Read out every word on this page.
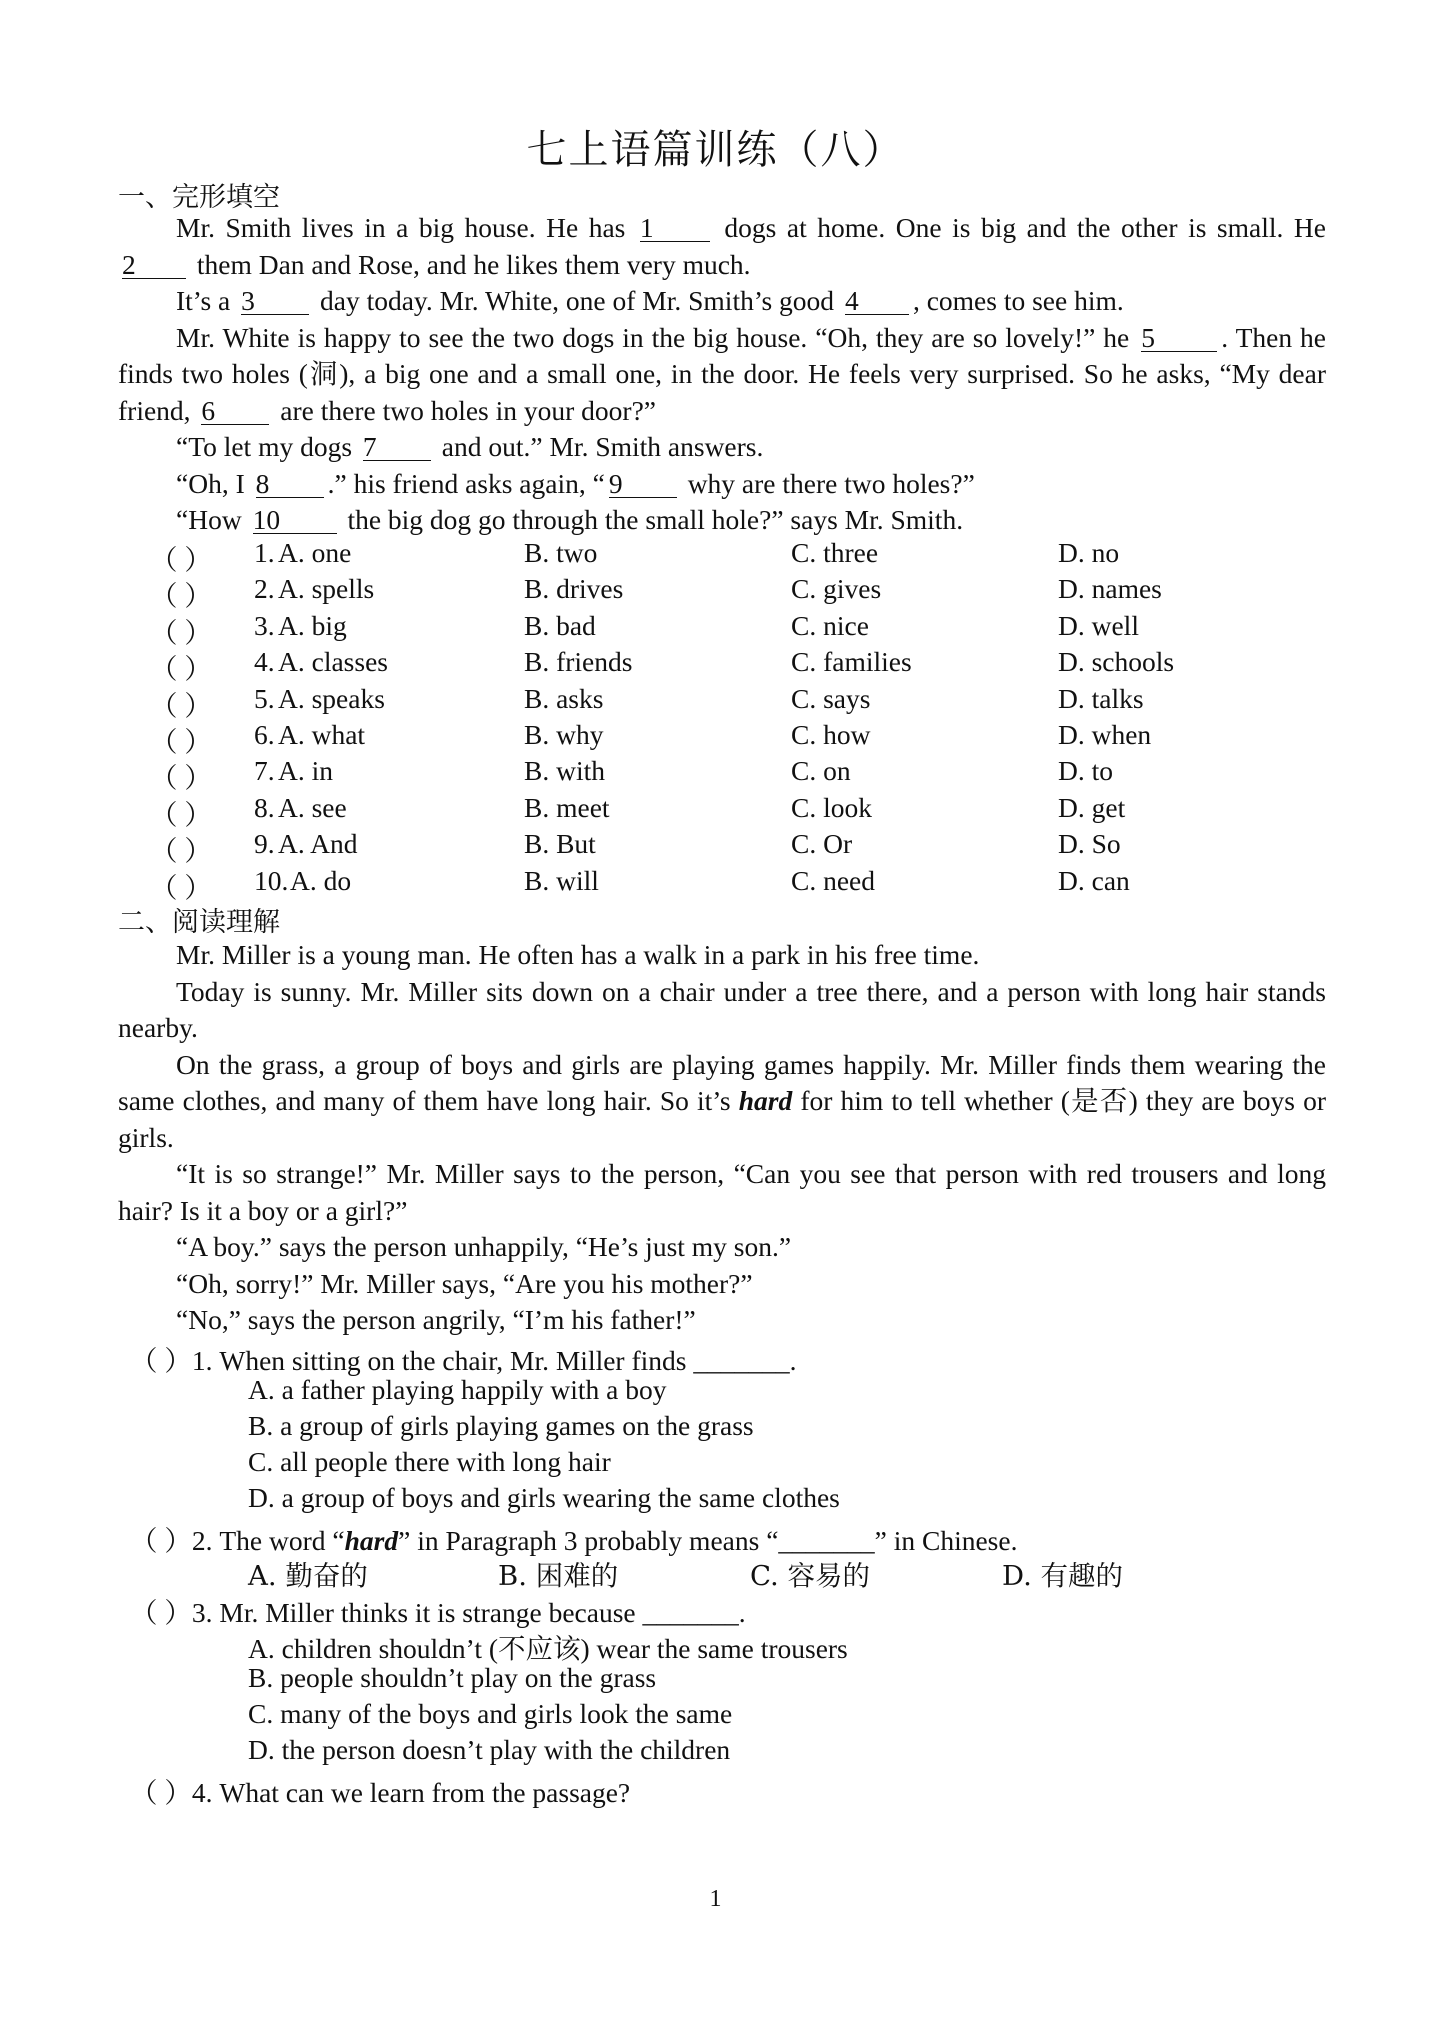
七上语篇训练（八）
一、完形填空

Mr. Smith lives in a big house. He has 1	dogs at home. One is big and the other is small. He 2 them Dan and Rose, and he likes them very much.

It’s a 3 day today. Mr. White, one of Mr. Smith’s good 4 , comes to see him.

Mr. White is happy to see the two dogs in the big house. “Oh, they are so lovely!” he 5 . Then he finds two holes (洞), a big one and a small one, in the door. He feels very surprised. So he asks, “My dear friend, 6 are there two holes in your door?”

“To let my dogs 7 and out.” Mr. Smith answers.

“Oh, I 8 .” his friend asks again, “ 9 why are there two holes?”

“How 10 the big dog go through the small hole?” says Mr. Smith.

（ ） 1. A. one	B. two	C. three	D. no
（ ） 2. A. spells	B. drives	C. gives	D. names
（ ） 3. A. big	B. bad	C. nice	D. well
（ ） 4. A. classes	B. friends	C. families	D. schools
（ ） 5. A. speaks	B. asks	C. says	D. talks
（ ） 6. A. what	B. why	C. how	D. when
（ ） 7. A. in	B. with	C. on	D. to
（ ） 8. A. see	B. meet	C. look	D. get
（ ） 9. A. And	B. But	C. Or	D. So
（ ） 10. A. do	B. will	C. need	D. can
二、阅读理解

Mr. Miller is a young man. He often has a walk in a park in his free time.

Today is sunny. Mr. Miller sits down on a chair under a tree there, and a person with long hair stands nearby.

On the grass, a group of boys and girls are playing games happily. Mr. Miller finds them wearing the same clothes, and many of them have long hair. So it’s hard for him to tell whether (是否) they are boys or girls.

“It is so strange!” Mr. Miller says to the person, “Can you see that person with red trousers and long hair? Is it a boy or a girl?”

“A boy.” says the person unhappily, “He’s just my son.”

“Oh, sorry!” Mr. Miller says, “Are you his mother?”

“No,” says the person angrily, “I’m his father!”

（ ）1. When sitting on the chair, Mr. Miller finds _______.
A. a father playing happily with a boy
B. a group of girls playing games on the grass
C. all people there with long hair
D. a group of boys and girls wearing the same clothes
（ ）2. The word “hard” in Paragraph 3 probably means “_______” in Chinese.
A. 勤奋的	B. 困难的	C. 容易的	D. 有趣的
（ ）3. Mr. Miller thinks it is strange because _______.
A. children shouldn’t (不应该) wear the same trousers
B. people shouldn’t play on the grass
C. many of the boys and girls look the same
D. the person doesn’t play with the children
（ ）4. What can we learn from the passage?
1
